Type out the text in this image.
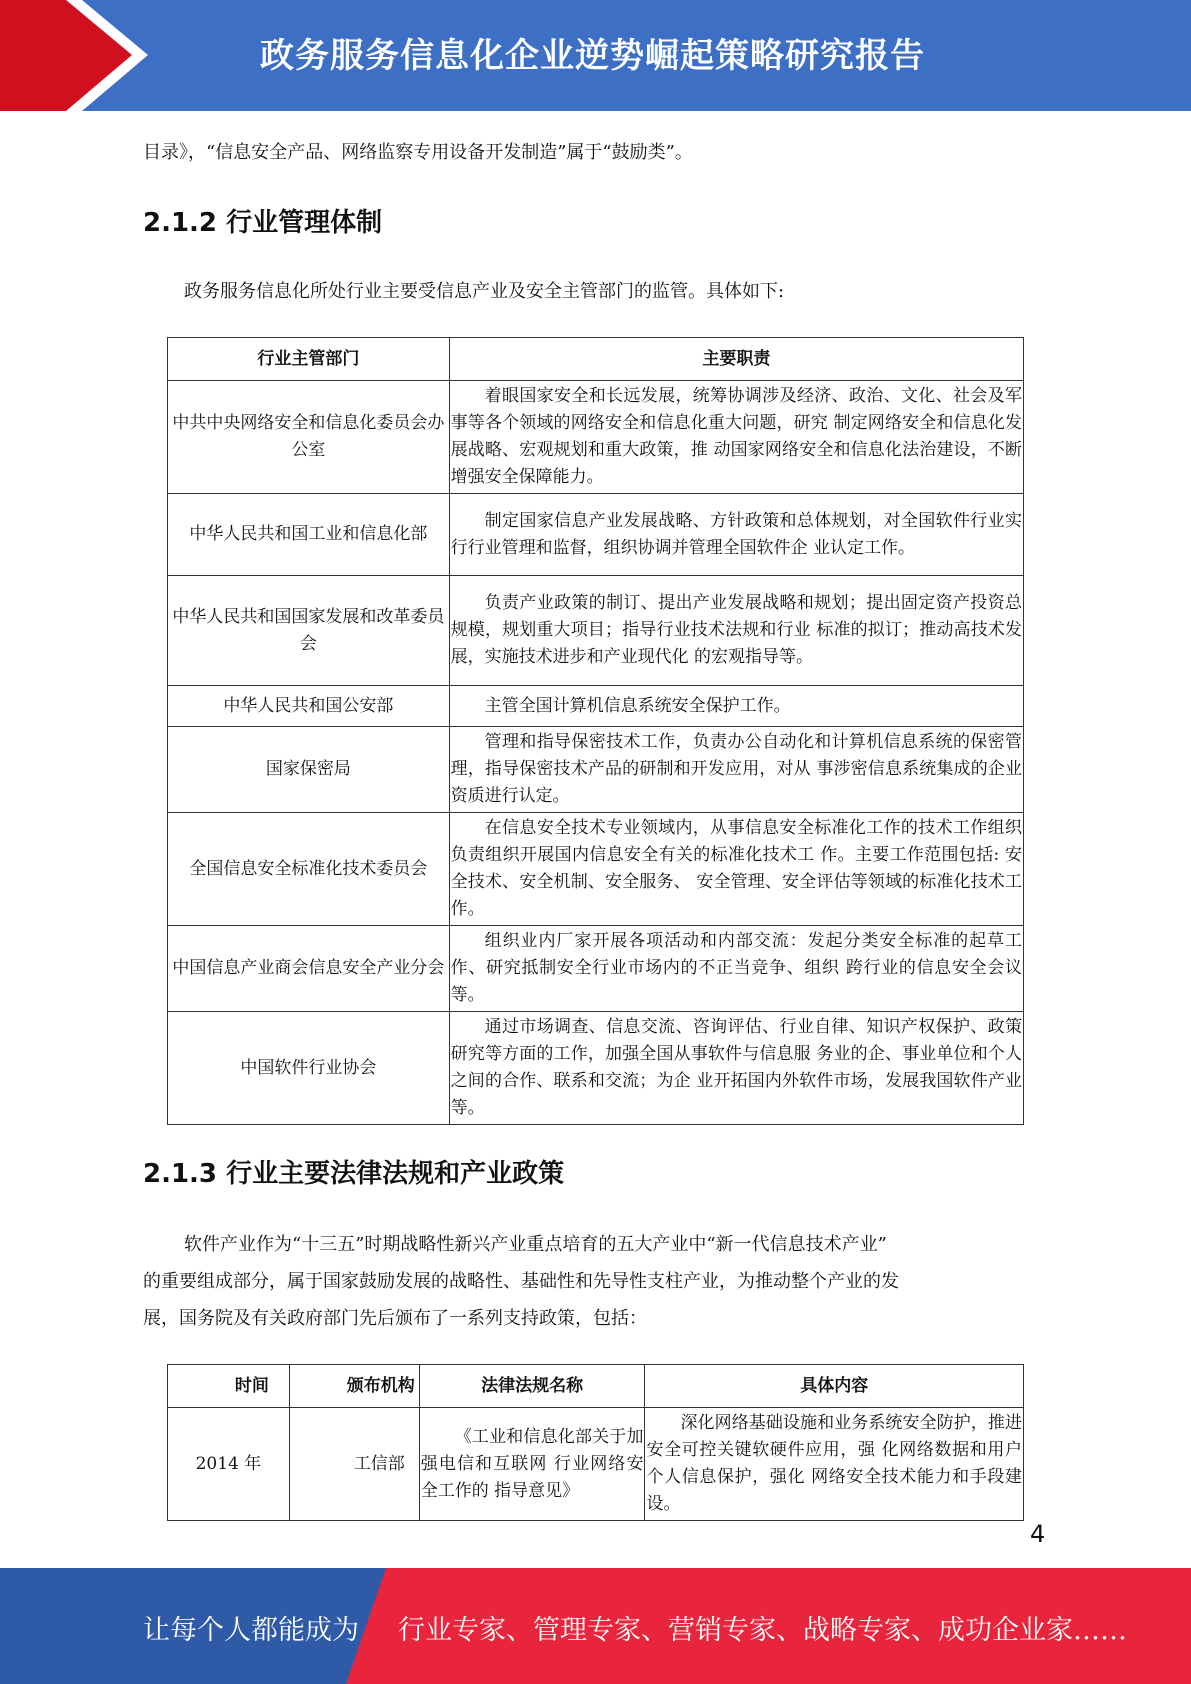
政务服务信息化企业逆势崛起策略研究报告
目录》，“信息安全产品、网络监察专用设备开发制造”属于“鼓励类”。
2.1.2 行业管理体制
政务服务信息化所处行业主要受信息产业及安全主管部门的监管。具体如下:
行业主管部门	主要职责
中共中央网络安全和信息化委员会办公室	着眼国家安全和长远发展，统筹协调涉及经济、政治、文化、社会及军事等各个领域的网络安全和信息化重大问题，研究 制定网络安全和信息化发展战略、宏观规划和重大政策，推 动国家网络安全和信息化法治建设，不断增强安全保障能力。
中华人民共和国工业和信息化部	制定国家信息产业发展战略、方针政策和总体规划，对全国软件行业实行行业管理和监督，组织协调并管理全国软件企 业认定工作。
中华人民共和国国家发展和改革委员会	负责产业政策的制订、提出产业发展战略和规划；提出固定资产投资总规模，规划重大项目；指导行业技术法规和行业 标准的拟订；推动高技术发展，实施技术进步和产业现代化 的宏观指导等。
中华人民共和国公安部	主管全国计算机信息系统安全保护工作。
国家保密局	管理和指导保密技术工作，负责办公自动化和计算机信息系统的保密管理，指导保密技术产品的研制和开发应用，对从 事涉密信息系统集成的企业资质进行认定。
全国信息安全标准化技术委员会	在信息安全技术专业领域内，从事信息安全标准化工作的技术工作组织负责组织开展国内信息安全有关的标准化技术工 作。主要工作范围包括: 安全技术、安全机制、安全服务、 安全管理、安全评估等领域的标准化技术工作。
中国信息产业商会信息安全产业分会	组织业内厂家开展各项活动和内部交流：发起分类安全标准的起草工作、研究抵制安全行业市场内的不正当竞争、组织 跨行业的信息安全会议等。
中国软件行业协会	通过市场调查、信息交流、咨询评估、行业自律、知识产权保护、政策研究等方面的工作，加强全国从事软件与信息服 务业的企、事业单位和个人之间的合作、联系和交流；为企 业开拓国内外软件市场，发展我国软件产业等。
2.1.3 行业主要法律法规和产业政策
软件产业作为“十三五”时期战略性新兴产业重点培育的五大产业中“新一代信息技术产业”
的重要组成部分，属于国家鼓励发展的战略性、基础性和先导性支柱产业，为推动整个产业的发
展，国务院及有关政府部门先后颁布了一系列支持政策，包括：
时间	颁布机构	法律法规名称	具体内容
2014 年	工信部	《工业和信息化部关于加强电信和互联网 行业网络安全工作的 指导意见》	深化网络基础设施和业务系统安全防护，推进安全可控关键软硬件应用，强 化网络数据和用户个人信息保护，强化 网络安全技术能力和手段建设。
4
让每个人都能成为 行业专家、管理专家、营销专家、战略专家、成功企业家……
